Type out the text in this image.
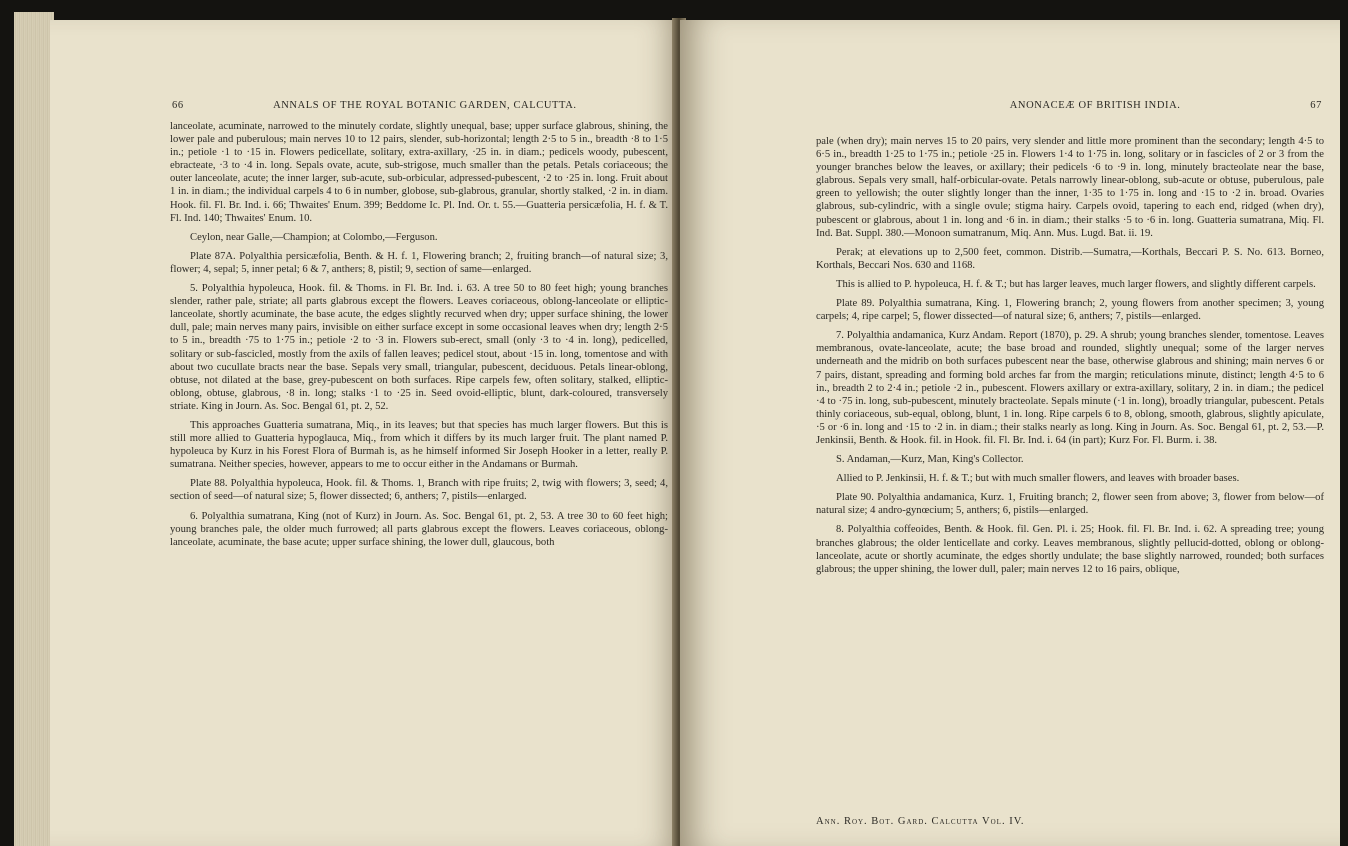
66	ANNALS OF THE ROYAL BOTANIC GARDEN, CALCUTTA.

lanceolate, acuminate, narrowed to the minutely cordate, slightly unequal, base; upper surface glabrous, shining, the lower pale and puberulous; main nerves 10 to 12 pairs, slender, sub-horizontal; length 2·5 to 5 in., breadth ·8 to 1·5 in.; petiole ·1 to ·15 in. Flowers pedicellate, solitary, extra-axillary, ·25 in. in diam.; pedicels woody, pubescent, ebracteate, ·3 to ·4 in. long. Sepals ovate, acute, sub-strigose, much smaller than the petals. Petals coriaceous; the outer lanceolate, acute; the inner larger, sub-acute, sub-orbicular, adpressed-pubescent, ·2 to ·25 in. long. Fruit about 1 in. in diam.; the individual carpels 4 to 6 in number, globose, sub-glabrous, granular, shortly stalked, ·2 in. in diam. Hook. fil. Fl. Br. Ind. i. 66; Thwaites' Enum. 399; Beddome Ic. Pl. Ind. Or. t. 55.—Guatteria persicæfolia, H. f. & T. Fl. Ind. 140; Thwaites' Enum. 10.

Ceylon, near Galle,—Champion; at Colombo,—Ferguson.

Plate 87A. Polyalthia persicæfolia, Benth. & H. f. 1, Flowering branch; 2, fruiting branch—of natural size; 3, flower; 4, sepal; 5, inner petal; 6 & 7, anthers; 8, pistil; 9, section of same—enlarged.

5. Polyalthia hypoleuca, Hook. fil. & Thoms. in Fl. Br. Ind. i. 63. A tree 50 to 80 feet high; young branches slender, rather pale, striate; all parts glabrous except the flowers. Leaves coriaceous, oblong-lanceolate or elliptic-lanceolate, shortly acuminate, the base acute, the edges slightly recurved when dry; upper surface shining, the lower dull, pale; main nerves many pairs, invisible on either surface except in some occasional leaves when dry; length 2·5 to 5 in., breadth ·75 to 1·75 in.; petiole ·2 to ·3 in. Flowers sub-erect, small (only ·3 to ·4 in. long), pedicelled, solitary or sub-fascicled, mostly from the axils of fallen leaves; pedicel stout, about ·15 in. long, tomentose and with about two cucullate bracts near the base. Sepals very small, triangular, pubescent, deciduous. Petals linear-oblong, obtuse, not dilated at the base, grey-pubescent on both surfaces. Ripe carpels few, often solitary, stalked, elliptic-oblong, obtuse, glabrous, ·8 in. long; stalks ·1 to ·25 in. Seed ovoid-elliptic, blunt, dark-coloured, transversely striate. King in Journ. As. Soc. Bengal 61, pt. 2, 52.

This approaches Guatteria sumatrana, Miq., in its leaves; but that species has much larger flowers. But this is still more allied to Guatteria hypoglauca, Miq., from which it differs by its much larger fruit. The plant named P. hypoleuca by Kurz in his Forest Flora of Burmah is, as he himself informed Sir Joseph Hooker in a letter, really P. sumatrana. Neither species, however, appears to me to occur either in the Andamans or Burmah.

Plate 88. Polyalthia hypoleuca, Hook. fil. & Thoms. 1, Branch with ripe fruits; 2, twig with flowers; 3, seed; 4, section of seed—of natural size; 5, flower dissected; 6, anthers; 7, pistils—enlarged.

6. Polyalthia sumatrana, King (not of Kurz) in Journ. As. Soc. Bengal 61, pt. 2, 53. A tree 30 to 60 feet high; young branches pale, the older much furrowed; all parts glabrous except the flowers. Leaves coriaceous, oblong-lanceolate, acuminate, the base acute; upper surface shining, the lower dull, glaucous, both

ANONACEÆ OF BRITISH INDIA.	67

pale (when dry); main nerves 15 to 20 pairs, very slender and little more prominent than the secondary; length 4·5 to 6·5 in., breadth 1·25 to 1·75 in.; petiole ·25 in. Flowers 1·4 to 1·75 in. long, solitary or in fascicles of 2 or 3 from the younger branches below the leaves, or axillary; their pedicels ·6 to ·9 in. long, minutely bracteolate near the base, glabrous. Sepals very small, half-orbicular-ovate. Petals narrowly linear-oblong, sub-acute or obtuse, puberulous, pale green to yellowish; the outer slightly longer than the inner, 1·35 to 1·75 in. long and ·15 to ·2 in. broad. Ovaries glabrous, sub-cylindric, with a single ovule; stigma hairy. Carpels ovoid, tapering to each end, ridged (when dry), pubescent or glabrous, about 1 in. long and ·6 in. in diam.; their stalks ·5 to ·6 in. long. Guatteria sumatrana, Miq. Fl. Ind. Bat. Suppl. 380.—Monoon sumatranum, Miq. Ann. Mus. Lugd. Bat. ii. 19.

Perak; at elevations up to 2,500 feet, common. Distrib.—Sumatra,—Korthals, Beccari P. S. No. 613. Borneo, Korthals, Beccari Nos. 630 and 1168.

This is allied to P. hypoleuca, H. f. & T.; but has larger leaves, much larger flowers, and slightly different carpels.

Plate 89. Polyalthia sumatrana, King. 1, Flowering branch; 2, young flowers from another specimen; 3, young carpels; 4, ripe carpel; 5, flower dissected—of natural size; 6, anthers; 7, pistils—enlarged.

7. Polyalthia andamanica, Kurz Andam. Report (1870), p. 29. A shrub; young branches slender, tomentose. Leaves membranous, ovate-lanceolate, acute; the base broad and rounded, slightly unequal; some of the larger nerves underneath and the midrib on both surfaces pubescent near the base, otherwise glabrous and shining; main nerves 6 or 7 pairs, distant, spreading and forming bold arches far from the margin; reticulations minute, distinct; length 4·5 to 6 in., breadth 2 to 2·4 in.; petiole ·2 in., pubescent. Flowers axillary or extra-axillary, solitary, 2 in. in diam.; the pedicel ·4 to ·75 in. long, sub-pubescent, minutely bracteolate. Sepals minute (·1 in. long), broadly triangular, pubescent. Petals thinly coriaceous, sub-equal, oblong, blunt, 1 in. long. Ripe carpels 6 to 8, oblong, smooth, glabrous, slightly apiculate, ·5 or ·6 in. long and ·15 to ·2 in. in diam.; their stalks nearly as long. King in Journ. As. Soc. Bengal 61, pt. 2, 53.—P. Jenkinsii, Benth. & Hook. fil. in Hook. fil. Fl. Br. Ind. i. 64 (in part); Kurz For. Fl. Burm. i. 38.

S. Andaman,—Kurz, Man, King's Collector.

Allied to P. Jenkinsii, H. f. & T.; but with much smaller flowers, and leaves with broader bases.

Plate 90. Polyalthia andamanica, Kurz. 1, Fruiting branch; 2, flower seen from above; 3, flower from below—of natural size; 4 andro-gynœcium; 5, anthers; 6, pistils—enlarged.

8. Polyalthia coffeoides, Benth. & Hook. fil. Gen. Pl. i. 25; Hook. fil. Fl. Br. Ind. i. 62. A spreading tree; young branches glabrous; the older lenticellate and corky. Leaves membranous, slightly pellucid-dotted, oblong or oblong-lanceolate, acute or shortly acuminate, the edges shortly undulate; the base slightly narrowed, rounded; both surfaces glabrous; the upper shining, the lower dull, paler; main nerves 12 to 16 pairs, oblique,

Ann. Roy. Bot. Gard. Calcutta Vol. IV.
